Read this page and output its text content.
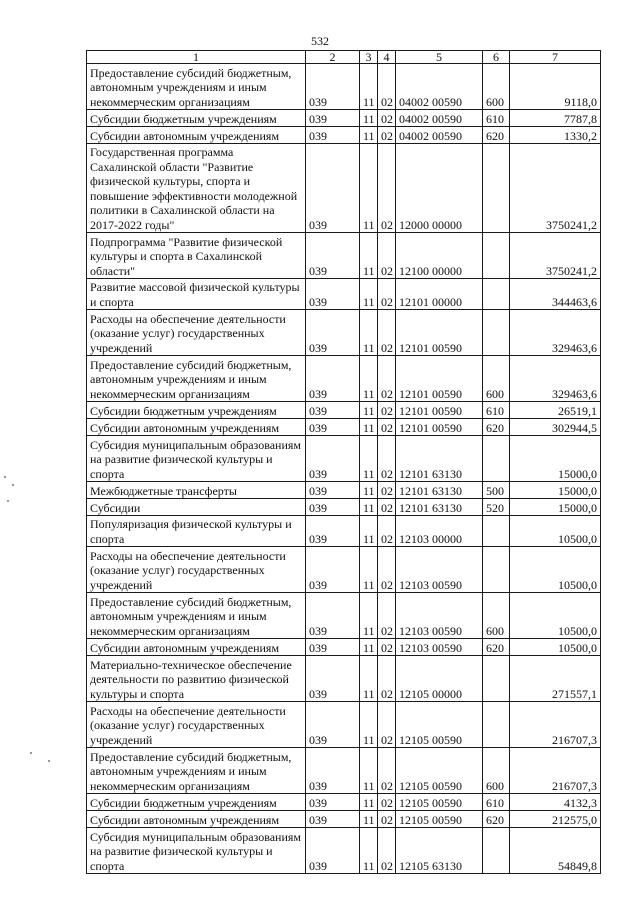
532
1	2	3	4	5	6	7
Предоставление субсидий бюджетным, автономным учреждениям и иным некоммерческим организациям	039	11	02	04002 00590	600	9118,0
Субсидии бюджетным учреждениям	039	11	02	04002 00590	610	7787,8
Субсидии автономным учреждениям	039	11	02	04002 00590	620	1330,2
Государственная программа Сахалинской области "Развитие физической культуры, спорта и повышение эффективности молодежной политики в Сахалинской области на 2017-2022 годы"	039	11	02	12000 00000		3750241,2
Подпрограмма "Развитие физической культуры и спорта в Сахалинской области"	039	11	02	12100 00000		3750241,2
Развитие массовой физической культуры и спорта	039	11	02	12101 00000		344463,6
Расходы на обеспечение деятельности (оказание услуг) государственных учреждений	039	11	02	12101 00590		329463,6
Предоставление субсидий бюджетным, автономным учреждениям и иным некоммерческим организациям	039	11	02	12101 00590	600	329463,6
Субсидии бюджетным учреждениям	039	11	02	12101 00590	610	26519,1
Субсидии автономным учреждениям	039	11	02	12101 00590	620	302944,5
Субсидия муниципальным образованиям на развитие физической культуры и спорта	039	11	02	12101 63130		15000,0
Межбюджетные трансферты	039	11	02	12101 63130	500	15000,0
Субсидии	039	11	02	12101 63130	520	15000,0
Популяризация физической культуры и спорта	039	11	02	12103 00000		10500,0
Расходы на обеспечение деятельности (оказание услуг) государственных учреждений	039	11	02	12103 00590		10500,0
Предоставление субсидий бюджетным, автономным учреждениям и иным некоммерческим организациям	039	11	02	12103 00590	600	10500,0
Субсидии автономным учреждениям	039	11	02	12103 00590	620	10500,0
Материально-техническое обеспечение деятельности по развитию физической культуры и спорта	039	11	02	12105 00000		271557,1
Расходы на обеспечение деятельности (оказание услуг) государственных учреждений	039	11	02	12105 00590		216707,3
Предоставление субсидий бюджетным, автономным учреждениям и иным некоммерческим организациям	039	11	02	12105 00590	600	216707,3
Субсидии бюджетным учреждениям	039	11	02	12105 00590	610	4132,3
Субсидии автономным учреждениям	039	11	02	12105 00590	620	212575,0
Субсидия муниципальным образованиям на развитие физической культуры и спорта	039	11	02	12105 63130		54849,8
